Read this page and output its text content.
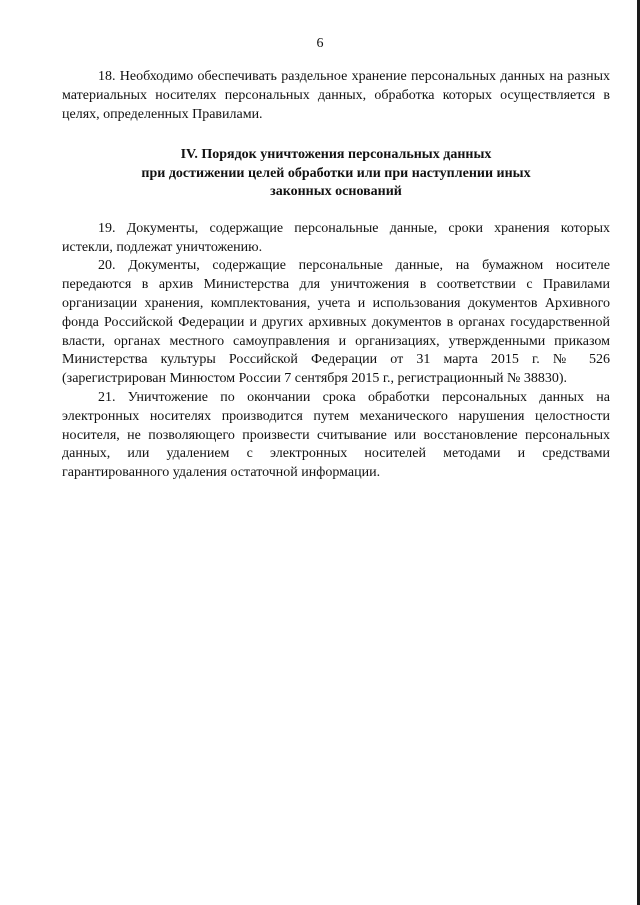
6

18. Необходимо обеспечивать раздельное хранение персональных данных на разных материальных носителях персональных данных, обработка которых осуществляется в целях, определенных Правилами.

IV. Порядок уничтожения персональных данных
при достижении целей обработки или при наступлении иных
законных оснований

19. Документы, содержащие персональные данные, сроки хранения которых истекли, подлежат уничтожению.

20. Документы, содержащие персональные данные, на бумажном носителе передаются в архив Министерства для уничтожения в соответствии с Правилами организации хранения, комплектования, учета и использования документов Архивного фонда Российской Федерации и других архивных документов в органах государственной власти, органах местного самоуправления и организациях, утвержденными приказом Министерства культуры Российской Федерации от 31 марта 2015 г. № 526 (зарегистрирован Минюстом России 7 сентября 2015 г., регистрационный № 38830).

21. Уничтожение по окончании срока обработки персональных данных на электронных носителях производится путем механического нарушения целостности носителя, не позволяющего произвести считывание или восстановление персональных данных, или удалением с электронных носителей методами и средствами гарантированного удаления остаточной информации.
